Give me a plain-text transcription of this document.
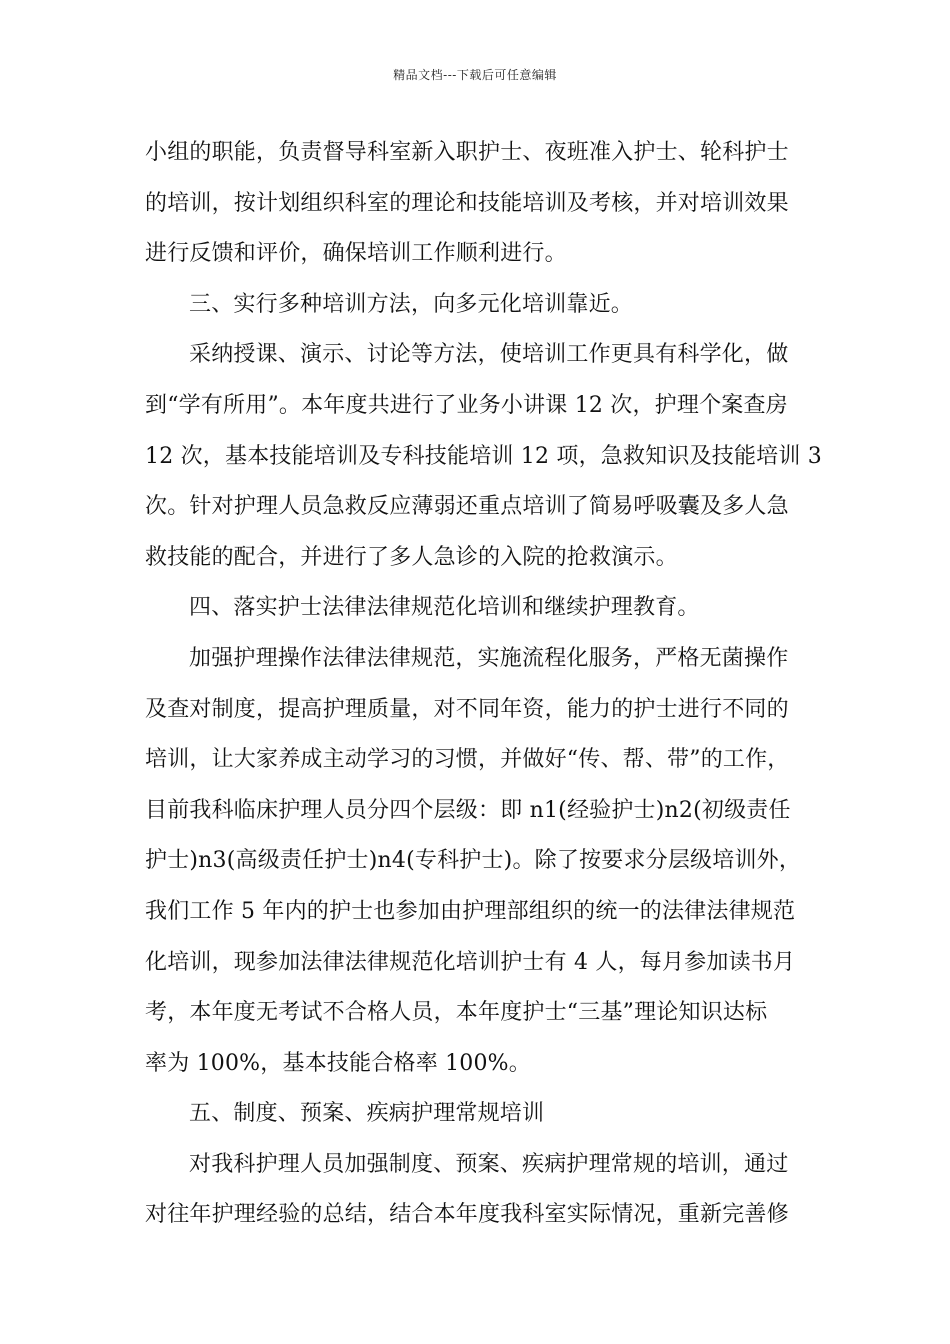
精品文档---下载后可任意编辑
小组的职能，负责督导科室新入职护士、夜班准入护士、轮科护士
的培训，按计划组织科室的理论和技能培训及考核，并对培训效果
进行反馈和评价，确保培训工作顺利进行。
三、实行多种培训方法，向多元化培训靠近。
采纳授课、演示、讨论等方法，使培训工作更具有科学化，做
到“学有所用”。本年度共进行了业务小讲课 12 次，护理个案查房
12 次，基本技能培训及专科技能培训 12 项，急救知识及技能培训 3
次。针对护理人员急救反应薄弱还重点培训了简易呼吸囊及多人急
救技能的配合，并进行了多人急诊的入院的抢救演示。
四、落实护士法律法律规范化培训和继续护理教育。
加强护理操作法律法律规范，实施流程化服务，严格无菌操作
及查对制度，提高护理质量，对不同年资，能力的护士进行不同的
培训，让大家养成主动学习的习惯，并做好“传、帮、带”的工作，
目前我科临床护理人员分四个层级：即 n1(经验护士)n2(初级责任
护士)n3(高级责任护士)n4(专科护士)。除了按要求分层级培训外，
我们工作 5 年内的护士也参加由护理部组织的统一的法律法律规范
化培训，现参加法律法律规范化培训护士有 4 人，每月参加读书月
考，本年度无考试不合格人员，本年度护士“三基”理论知识达标
率为 100%，基本技能合格率 100%。
五、制度、预案、疾病护理常规培训
对我科护理人员加强制度、预案、疾病护理常规的培训，通过
对往年护理经验的总结，结合本年度我科室实际情况，重新完善修
